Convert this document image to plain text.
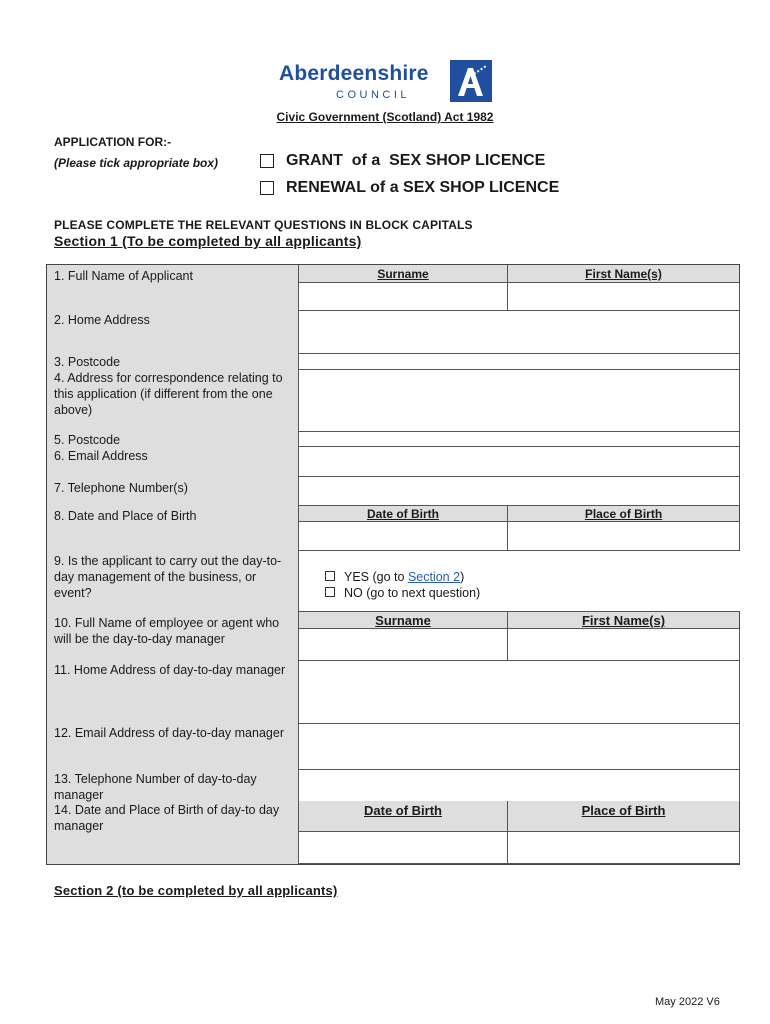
Aberdeenshire
COUNCIL
Civic Government (Scotland) Act 1982
APPLICATION FOR:-
(Please tick appropriate box)	GRANT  of a  SEX SHOP LICENCE
RENEWAL of a SEX SHOP LICENCE
PLEASE COMPLETE THE RELEVANT QUESTIONS IN BLOCK CAPITALS
Section 1 (To be completed by all applicants)
1. Full Name of Applicant	Surname	First Name(s)
2. Home Address
3. Postcode
4. Address for correspondence relating to this application (if different from the one above)
5. Postcode
6. Email Address
7. Telephone Number(s)
8. Date and Place of Birth	Date of Birth	Place of Birth
9. Is the applicant to carry out the day-to-day management of the business, or event?
YES (go to Section 2)
NO (go to next question)
10. Full Name of employee or agent who will be the day-to-day manager
Surname	First Name(s)
11. Home Address of day-to-day manager
12. Email Address of day-to-day manager
13. Telephone Number of day-to-day manager
14. Date and Place of Birth of day-to day manager
Date of Birth	Place of Birth
Section 2 (to be completed by all applicants)
May 2022 V6
